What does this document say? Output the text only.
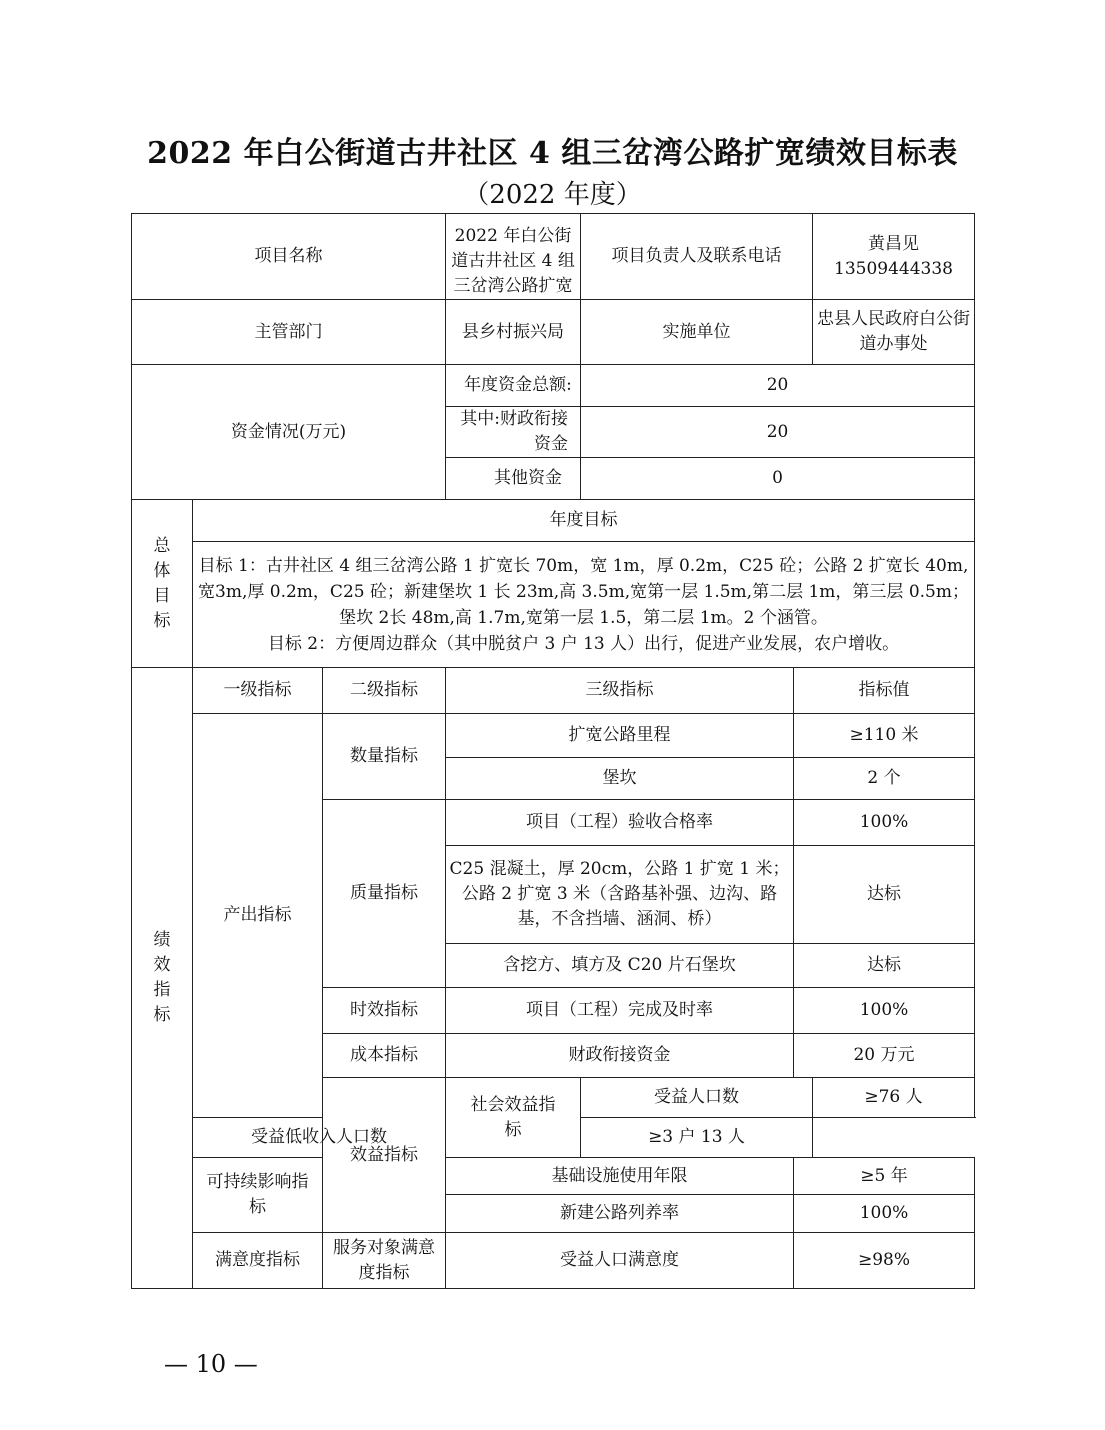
2022 年白公街道古井社区 4 组三岔湾公路扩宽绩效目标表
（2022 年度）
项目名称			2022 年白公街道古井社区 4 组三岔湾公路扩宽	项目负责人及联系电话		黄昌见 13509444338
主管部门			县乡村振兴局	实施单位		忠县人民政府白公街道办事处
资金情况(万元)			年度资金总额:	20		
			其中:财政衔接资金	20		
			其他资金	0		
总体目标	年度目标					

	目标 1：古井社区 4 组三岔湾公路 1 扩宽长 70m，宽 1m，厚 0.2m，C25 砼；公路 2 扩宽长 40m,宽3m,厚 0.2m，C25 砼；新建堡坎 1 长 23m,高 3.5m,宽第一层 1.5m,第二层 1m，第三层 0.5m；堡坎 2长 48m,高 1.7m,宽第一层 1.5，第二层 1m。2 个涵管。
目标 2：方便周边群众（其中脱贫户 3 户 13 人）出行，促进产业发展，农户增收。					

绩效指标	一级指标	二级指标	三级指标		指标值	
	产出指标	数量指标	扩宽公路里程		≥110 米	
			堡坎		2 个	
		质量指标	项目（工程）验收合格率		100%	
			C25 混凝土，厚 20cm，公路 1 扩宽 1 米；公路 2 扩宽 3 米（含路基补强、边沟、路基，不含挡墙、涵洞、桥）		达标	
			含挖方、填方及 C20 片石堡坎		达标	
		时效指标	项目（工程）完成及时率		100%	
		成本指标	财政衔接资金		20 万元	
		效益指标	社会效益指标	受益人口数		≥76 人
	受益低收入人口数			≥3 户 13 人		
	可持续影响指标		基础设施使用年限		≥5 年	
			新建公路列养率		100%	
	满意度指标	服务对象满意度指标	受益人口满意度		≥98%	
— 10 —
